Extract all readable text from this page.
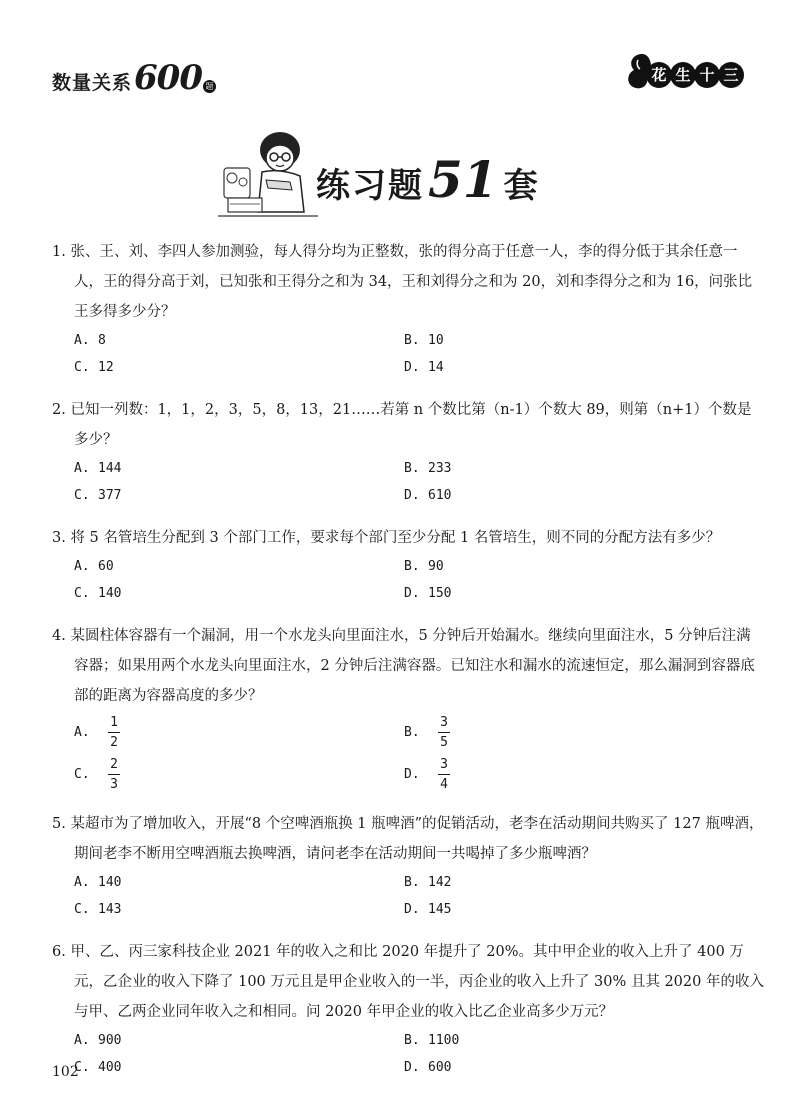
数量关系 600 题
花 生 十 三
练习题 51 套
1. 张、王、刘、李四人参加测验，每人得分均为正整数，张的得分高于任意一人，李的得分低于其余任意一人，王的得分高于刘，已知张和王得分之和为 34，王和刘得分之和为 20，刘和李得分之和为 16，问张比王多得多少分？
A. 8	B. 10
C. 12	D. 14
2. 已知一列数：1，1，2，3，5，8，13，21……若第 n 个数比第（n-1）个数大 89，则第（n+1）个数是多少？
A. 144	B. 233
C. 377	D. 610
3. 将 5 名管培生分配到 3 个部门工作，要求每个部门至少分配 1 名管培生，则不同的分配方法有多少？
A. 60	B. 90
C. 140	D. 150
4. 某圆柱体容器有一个漏洞，用一个水龙头向里面注水，5 分钟后开始漏水。继续向里面注水，5 分钟后注满容器；如果用两个水龙头向里面注水，2 分钟后注满容器。已知注水和漏水的流速恒定，那么漏洞到容器底部的距离为容器高度的多少？
A.	$\frac{1}{2}$	B.	$\frac{3}{5}$
C.	$\frac{2}{3}$	D.	$\frac{3}{4}$
5. 某超市为了增加收入，开展“8 个空啤酒瓶换 1 瓶啤酒”的促销活动，老李在活动期间共购买了 127 瓶啤酒，期间老李不断用空啤酒瓶去换啤酒，请问老李在活动期间一共喝掉了多少瓶啤酒？
A. 140	B. 142
C. 143	D. 145
6. 甲、乙、丙三家科技企业 2021 年的收入之和比 2020 年提升了 20%。其中甲企业的收入上升了 400 万元，乙企业的收入下降了 100 万元且是甲企业收入的一半，丙企业的收入上升了 30% 且其 2020 年的收入与甲、乙两企业同年收入之和相同。问 2020 年甲企业的收入比乙企业高多少万元？
A. 900	B. 1100
C. 400	D. 600
102
